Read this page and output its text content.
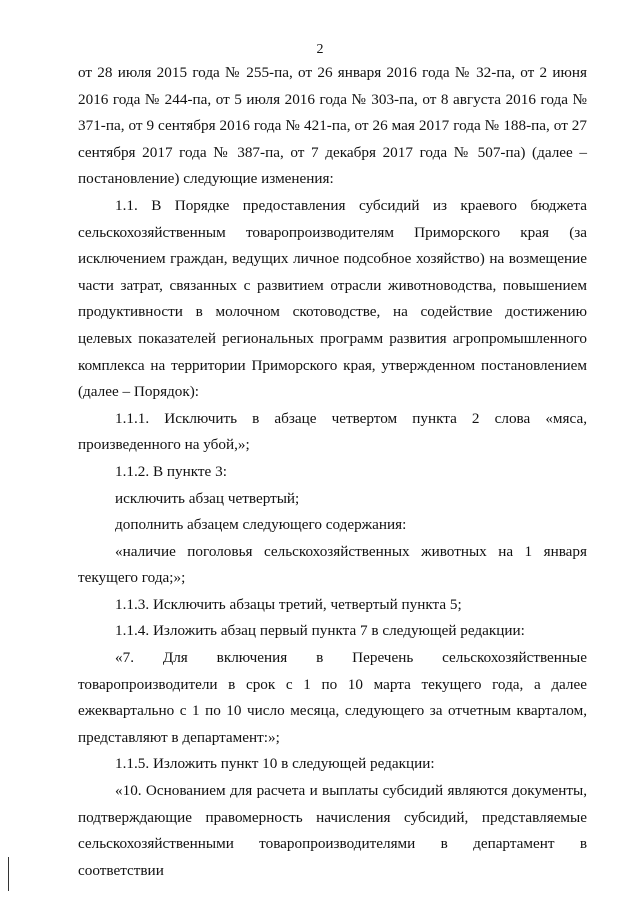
2

от 28 июля 2015 года № 255-па, от 26 января 2016 года № 32-па, от 2 июня 2016 года № 244-па, от 5 июля 2016 года № 303-па, от 8 августа 2016 года № 371-па, от 9 сентября 2016 года № 421-па, от 26 мая 2017 года № 188-па, от 27 сентября 2017 года № 387-па, от 7 декабря 2017 года № 507-па) (далее – постановление) следующие изменения:

1.1. В Порядке предоставления субсидий из краевого бюджета сельскохозяйственным товаропроизводителям Приморского края (за исключением граждан, ведущих личное подсобное хозяйство) на возмещение части затрат, связанных с развитием отрасли животноводства, повышением продуктивности в молочном скотоводстве, на содействие достижению целевых показателей региональных программ развития агропромышленного комплекса на территории Приморского края, утвержденном постановлением (далее – Порядок):

1.1.1. Исключить в абзаце четвертом пункта 2 слова «мяса, произведенного на убой,»;

1.1.2. В пункте 3:

исключить абзац четвертый;

дополнить абзацем следующего содержания:

«наличие поголовья сельскохозяйственных животных на 1 января текущего года;»;

1.1.3. Исключить абзацы третий, четвертый пункта 5;

1.1.4. Изложить абзац первый пункта 7 в следующей редакции:

«7. Для включения в Перечень сельскохозяйственные товаропроизводители в срок с 1 по 10 марта текущего года, а далее ежеквартально с 1 по 10 число месяца, следующего за отчетным кварталом, представляют в департамент:»;

1.1.5. Изложить пункт 10 в следующей редакции:

«10. Основанием для расчета и выплаты субсидий являются документы, подтверждающие правомерность начисления субсидий, представляемые сельскохозяйственными товаропроизводителями в департамент в соответствии
